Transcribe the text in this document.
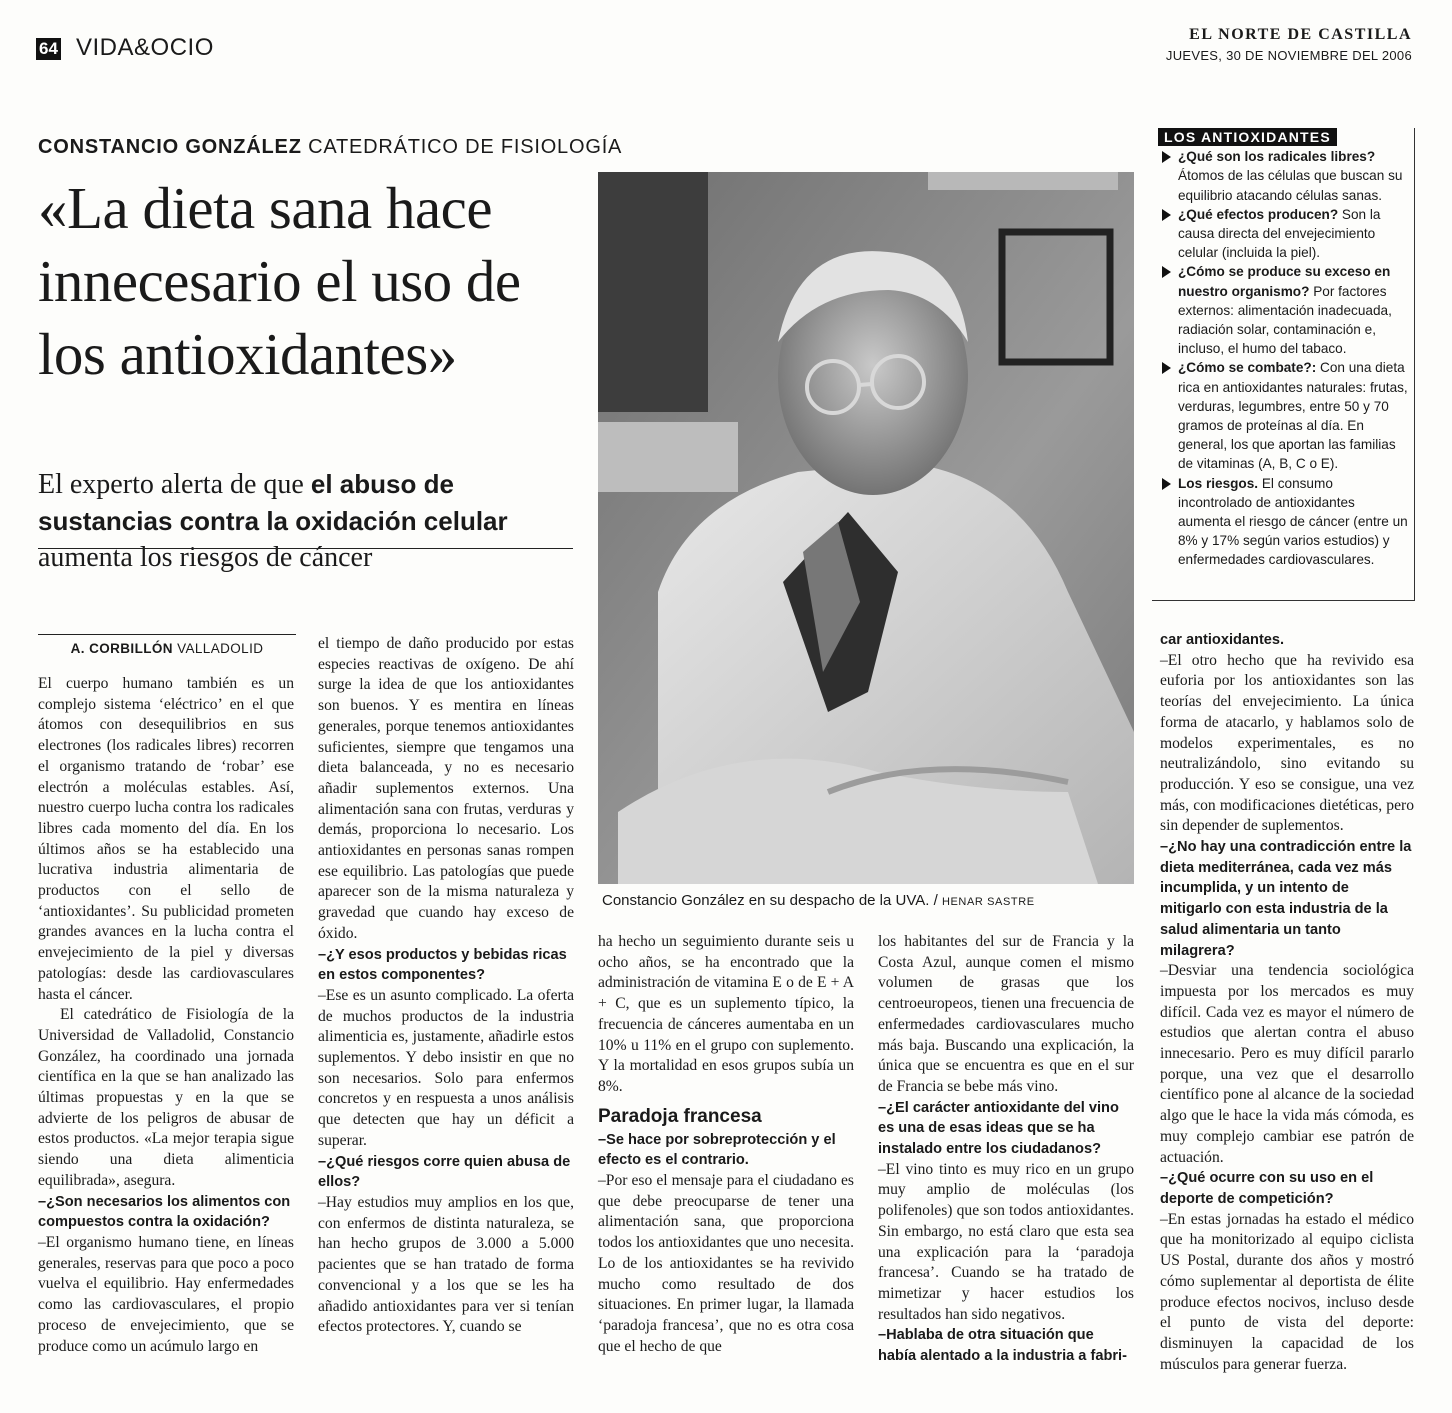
64 VIDA&OCIO	EL NORTE DE CASTILLA
JUEVES, 30 DE NOVIEMBRE DEL 2006
CONSTANCIO GONZÁLEZ CATEDRÁTICO DE FISIOLOGÍA
«La dieta sana hace innecesario el uso de los antioxidantes»
El experto alerta de que el abuso de sustancias contra la oxidación celular
aumenta los riesgos de cáncer
Constancio González en su despacho de la UVA. / HENAR SASTRE
LOS ANTIOXIDANTES
¿Qué son los radicales libres? Átomos de las células que buscan su equilibrio atacando células sanas.
¿Qué efectos producen? Son la causa directa del envejecimiento celular (incluida la piel).
¿Cómo se produce su exceso en nuestro organismo? Por factores externos: alimentación inadecuada, radiación solar, contaminación e, incluso, el humo del tabaco.
¿Cómo se combate?: Con una dieta rica en antioxidantes naturales: frutas, verduras, legumbres, entre 50 y 70 gramos de proteínas al día. En general, los que aportan las familias de vitaminas (A, B, C o E).
Los riesgos. El consumo incontrolado de antioxidantes aumenta el riesgo de cáncer (entre un 8% y 17% según varios estudios) y enfermedades cardiovasculares.
A. CORBILLÓN VALLADOLID

El cuerpo humano también es un complejo sistema ‘eléctrico’ en el que átomos con desequilibrios en sus electrones (los radicales libres) recorren el organismo tratando de ‘robar’ ese electrón a moléculas estables. Así, nuestro cuerpo lucha contra los radicales libres cada momento del día. En los últimos años se ha establecido una lucrativa industria alimentaria de productos con el sello de ‘antioxidantes’. Su publicidad prometen grandes avances en la lucha contra el envejecimiento de la piel y diversas patologías: desde las cardiovasculares hasta el cáncer.

El catedrático de Fisiología de la Universidad de Valladolid, Constancio González, ha coordinado una jornada científica en la que se han analizado las últimas propuestas y en la que se advierte de los peligros de abusar de estos productos. «La mejor terapia sigue siendo una dieta alimenticia equilibrada», asegura.

–¿Son necesarios los alimentos con compuestos contra la oxidación?

–El organismo humano tiene, en líneas generales, reservas para que poco a poco vuelva el equilibrio. Hay enfermedades como las cardiovasculares, el propio proceso de envejecimiento, que se produce como un acúmulo largo en

el tiempo de daño producido por estas especies reactivas de oxígeno. De ahí surge la idea de que los antioxidantes son buenos. Y es mentira en líneas generales, porque tenemos antioxidantes suficientes, siempre que tengamos una dieta balanceada, y no es necesario añadir suplementos externos. Una alimentación sana con frutas, verduras y demás, proporciona lo necesario. Los antioxidantes en personas sanas rompen ese equilibrio. Las patologías que puede aparecer son de la misma naturaleza y gravedad que cuando hay exceso de óxido.

–¿Y esos productos y bebidas ricas en estos componentes?

–Ese es un asunto complicado. La oferta de muchos productos de la industria alimenticia es, justamente, añadirle estos suplementos. Y debo insistir en que no son necesarios. Solo para enfermos concretos y en respuesta a unos análisis que detecten que hay un déficit a superar.

–¿Qué riesgos corre quien abusa de ellos?

–Hay estudios muy amplios en los que, con enfermos de distinta naturaleza, se han hecho grupos de 3.000 a 5.000 pacientes que se han tratado de forma convencional y a los que se les ha añadido antioxidantes para ver si tenían efectos protectores. Y, cuando se

ha hecho un seguimiento durante seis u ocho años, se ha encontrado que la administración de vitamina E o de E + A + C, que es un suplemento típico, la frecuencia de cánceres aumentaba en un 10% u 11% en el grupo con suplemento. Y la mortalidad en esos grupos subía un 8%.

Paradoja francesa

–Se hace por sobreprotección y el efecto es el contrario.

–Por eso el mensaje para el ciudadano es que debe preocuparse de tener una alimentación sana, que proporciona todos los antioxidantes que uno necesita. Lo de los antioxidantes se ha revivido mucho como resultado de dos situaciones. En primer lugar, la llamada ‘paradoja francesa’, que no es otra cosa que el hecho de que

los habitantes del sur de Francia y la Costa Azul, aunque comen el mismo volumen de grasas que los centroeuropeos, tienen una frecuencia de enfermedades cardiovasculares mucho más baja. Buscando una explicación, la única que se encuentra es que en el sur de Francia se bebe más vino.

–¿El carácter antioxidante del vino es una de esas ideas que se ha instalado entre los ciudadanos?

–El vino tinto es muy rico en un grupo muy amplio de moléculas (los polifenoles) que son todos antioxidantes. Sin embargo, no está claro que esta sea una explicación para la ‘paradoja francesa’. Cuando se ha tratado de mimetizar y hacer estudios los resultados han sido negativos.

–Hablaba de otra situación que había alentado a la industria a fabri-

car antioxidantes.

–El otro hecho que ha revivido esa euforia por los antioxidantes son las teorías del envejecimiento. La única forma de atacarlo, y hablamos solo de modelos experimentales, es no neutralizándolo, sino evitando su producción. Y eso se consigue, una vez más, con modificaciones dietéticas, pero sin depender de suplementos.

–¿No hay una contradicción entre la dieta mediterránea, cada vez más incumplida, y un intento de mitigarlo con esta industria de la salud alimentaria un tanto milagrera?

–Desviar una tendencia sociológica impuesta por los mercados es muy difícil. Cada vez es mayor el número de estudios que alertan contra el abuso innecesario. Pero es muy difícil pararlo porque, una vez que el desarrollo científico pone al alcance de la sociedad algo que le hace la vida más cómoda, es muy complejo cambiar ese patrón de actuación.

–¿Qué ocurre con su uso en el deporte de competición?

–En estas jornadas ha estado el médico que ha monitorizado al equipo ciclista US Postal, durante dos años y mostró cómo suplementar al deportista de élite produce efectos nocivos, incluso desde el punto de vista del deporte: disminuyen la capacidad de los músculos para generar fuerza.
